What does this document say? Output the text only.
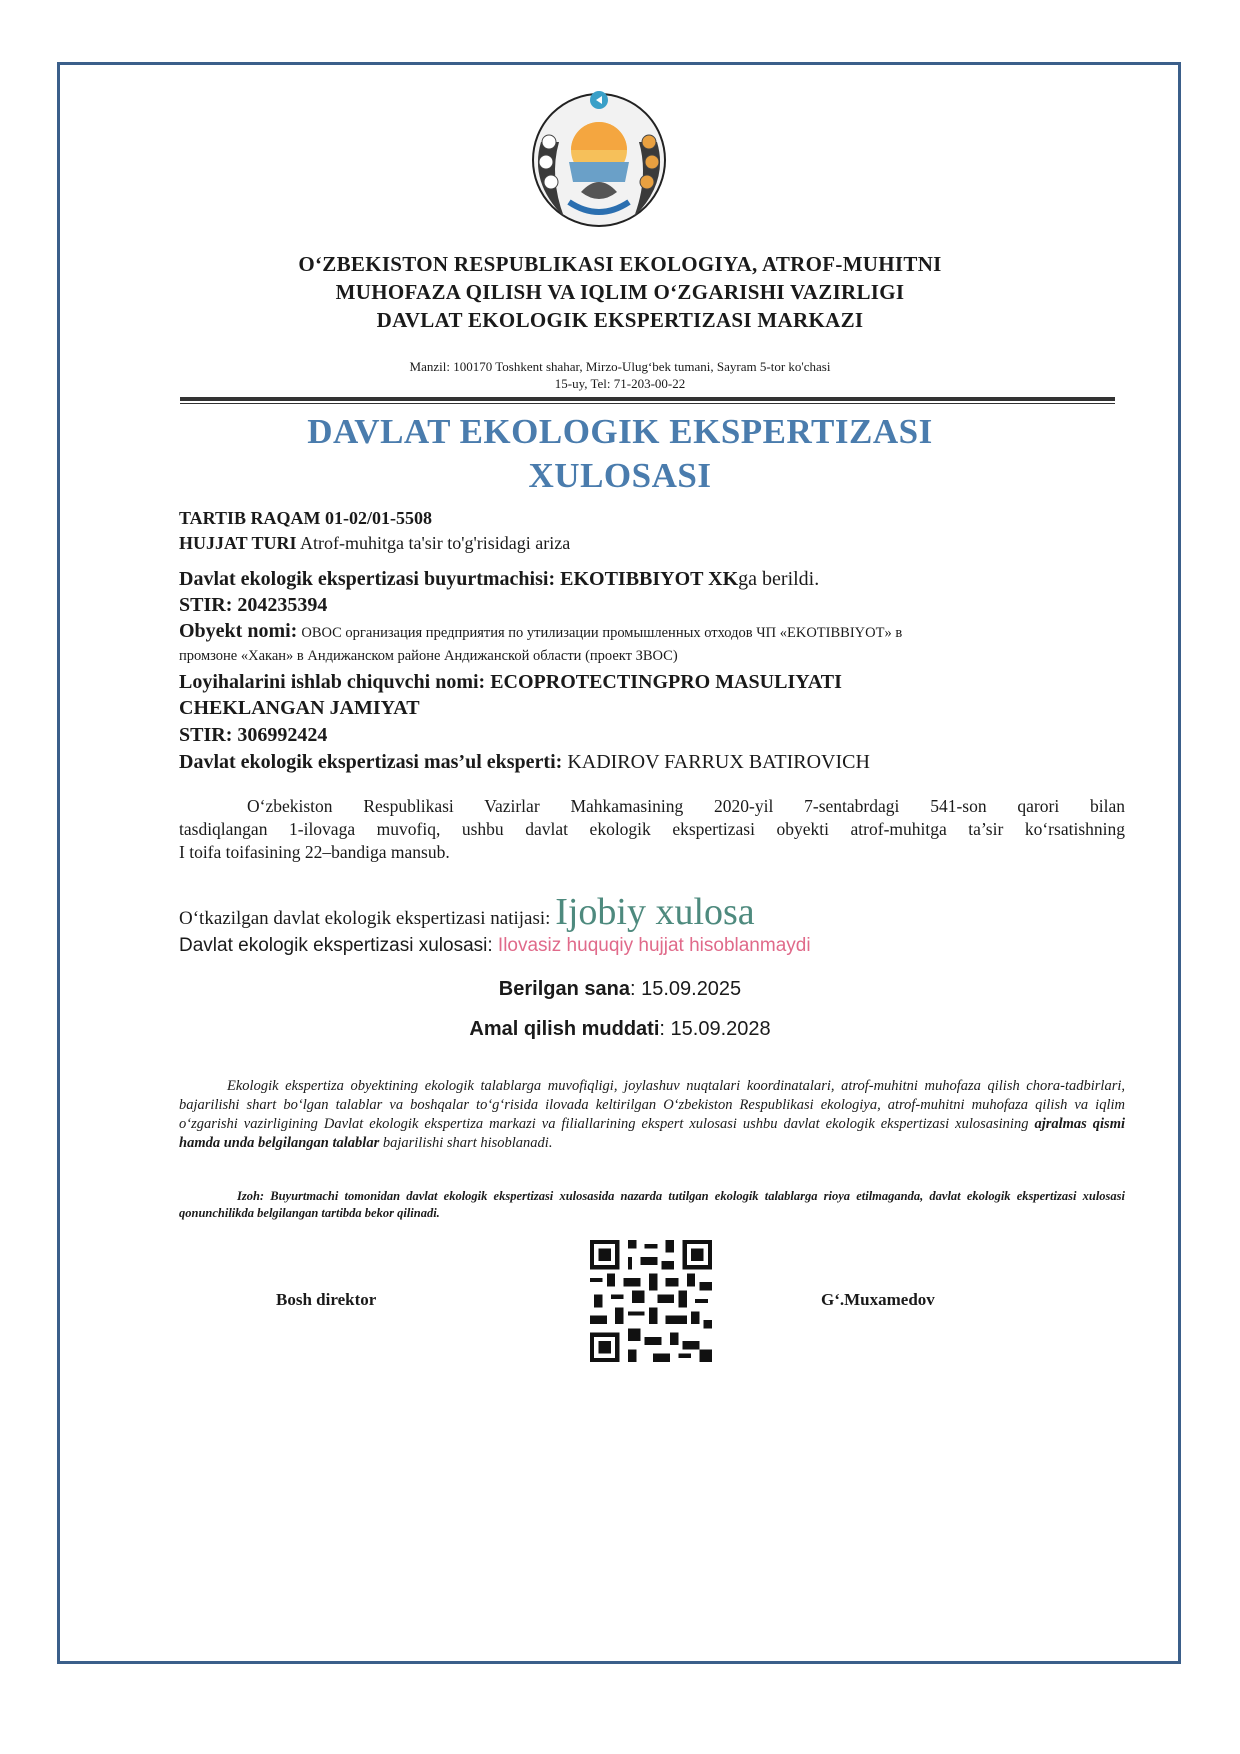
O‘ZBEKISTON RESPUBLIKASI EKOLOGIYA, ATROF-MUHITNI
MUHOFAZA QILISH VA IQLIM O‘ZGARISHI VAZIRLIGI
DAVLAT EKOLOGIK EKSPERTIZASI MARKAZI
Manzil: 100170 Toshkent shahar, Mirzo-Ulug‘bek tumani, Sayram 5-tor ko'chasi
15-uy, Tel: 71-203-00-22
DAVLAT EKOLOGIK EKSPERTIZASI
XULOSASI
TARTIB RAQAM 01-02/01-5508
HUJJAT TURI Atrof-muhitga ta'sir to'g'risidagi ariza
Davlat ekologik ekspertizasi buyurtmachisi: EKOTIBBIYOT XKga berildi.
STIR: 204235394
Obyekt nomi: ОВОС организация предприятия по утилизации промышленных отходов ЧП «EKOTIBBIYOT» в
промзоне «Хакан» в Андижанском районе Андижанской области (проект ЗВОС)
Loyihalarini ishlab chiquvchi nomi: ECOPROTECTINGPRO MASULIYATI
CHEKLANGAN JAMIYAT
STIR: 306992424
Davlat ekologik ekspertizasi mas’ul eksperti: KADIROV FARRUX BATIROVICH
O‘zbekiston Respublikasi Vazirlar Mahkamasining 2020-yil 7-sentabrdagi 541-son qarori bilan
tasdiqlangan 1-ilovaga muvofiq, ushbu davlat ekologik ekspertizasi obyekti atrof-muhitga ta’sir ko‘rsatishning
I toifa toifasining 22–bandiga mansub.
O‘tkazilgan davlat ekologik ekspertizasi natijasi: Ijobiy xulosa
Davlat ekologik ekspertizasi xulosasi: Ilovasiz huquqiy hujjat hisoblanmaydi
Berilgan sana: 15.09.2025
Amal qilish muddati: 15.09.2028
Ekologik ekspertiza obyektining ekologik talablarga muvofiqligi, joylashuv nuqtalari koordinatalari, atrof-muhitni muhofaza qilish chora-tadbirlari, bajarilishi shart bo‘lgan talablar va boshqalar to‘g‘risida ilovada keltirilgan O‘zbekiston Respublikasi ekologiya, atrof-muhitni muhofaza qilish va iqlim o‘zgarishi vazirligining Davlat ekologik ekspertiza markazi va filiallarining ekspert xulosasi ushbu davlat ekologik ekspertizasi xulosasining ajralmas qismi hamda unda belgilangan talablar bajarilishi shart hisoblanadi.
Izoh: Buyurtmachi tomonidan davlat ekologik ekspertizasi xulosasida nazarda tutilgan ekologik talablarga rioya etilmaganda, davlat ekologik ekspertizasi xulosasi qonunchilikda belgilangan tartibda bekor qilinadi.
Bosh direktor	G‘.Muxamedov
